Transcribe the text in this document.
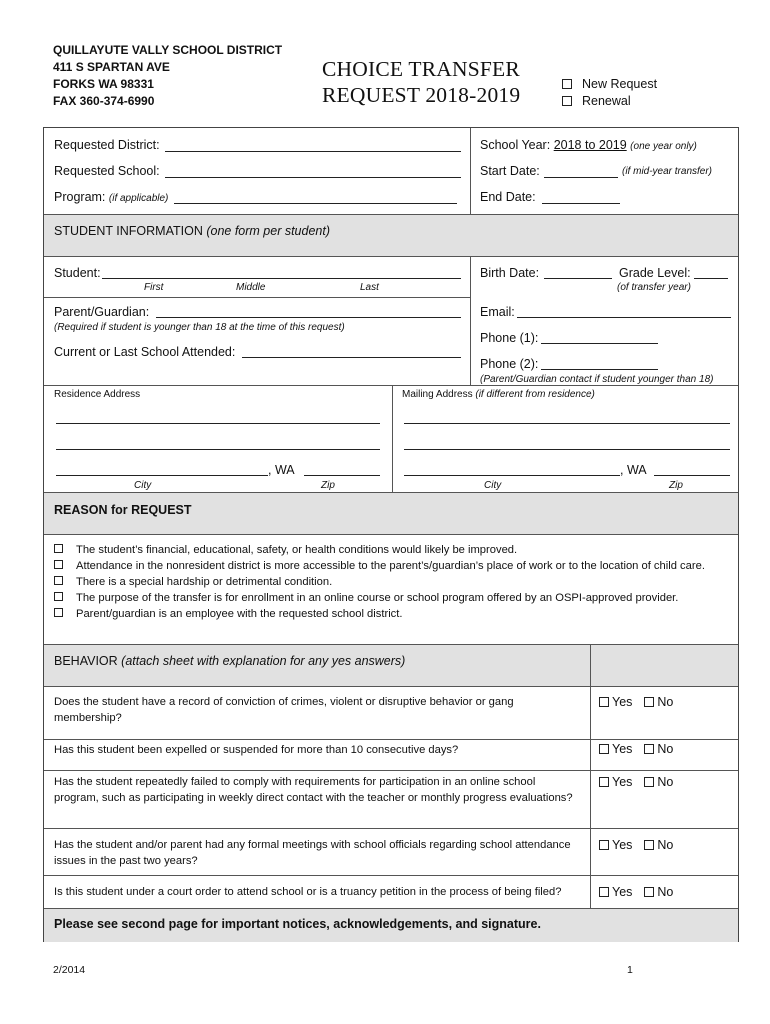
QUILLAYUTE VALLY SCHOOL DISTRICT
411 S SPARTAN AVE
FORKS WA 98331
FAX 360-374-6990
CHOICE TRANSFER
REQUEST 2018-2019	New Request
Renewal
Requested District:
Requested School:
Program: (if applicable)
School Year: 2018 to 2019 (one year only)
Start Date:	(if mid-year transfer)
End Date:
STUDENT INFORMATION (one form per student)
Student:
First	Middle	Last
Birth Date:	Grade Level:
(of transfer year)
Parent/Guardian:
(Required if student is younger than 18 at the time of this request)
Current or Last School Attended:
Email:
Phone (1):
Phone (2):
(Parent/Guardian contact if student younger than 18)
Residence Address	Mailing Address (if different from residence)
, WA
City	Zip
, WA
City	Zip
REASON for REQUEST
The student’s financial, educational, safety, or health conditions would likely be improved.
Attendance in the nonresident district is more accessible to the parent’s/guardian’s place of work or to the location of child care.
There is a special hardship or detrimental condition.
The purpose of the transfer is for enrollment in an online course or school program offered by an OSPI-approved provider.
Parent/guardian is an employee with the requested school district.
BEHAVIOR (attach sheet with explanation for any yes answers)
Does the student have a record of conviction of crimes, violent or disruptive behavior or gang membership?
Yes No
Has this student been expelled or suspended for more than 10 consecutive days?	Yes No
Has the student repeatedly failed to comply with requirements for participation in an online school program, such as participating in weekly direct contact with the teacher or monthly progress evaluations?
Yes No
Has the student and/or parent had any formal meetings with school officials regarding school attendance issues in the past two years?
Yes No
Is this student under a court order to attend school or is a truancy petition in the process of being filed?	Yes No
Please see second page for important notices, acknowledgements, and signature.
2/2014	1
